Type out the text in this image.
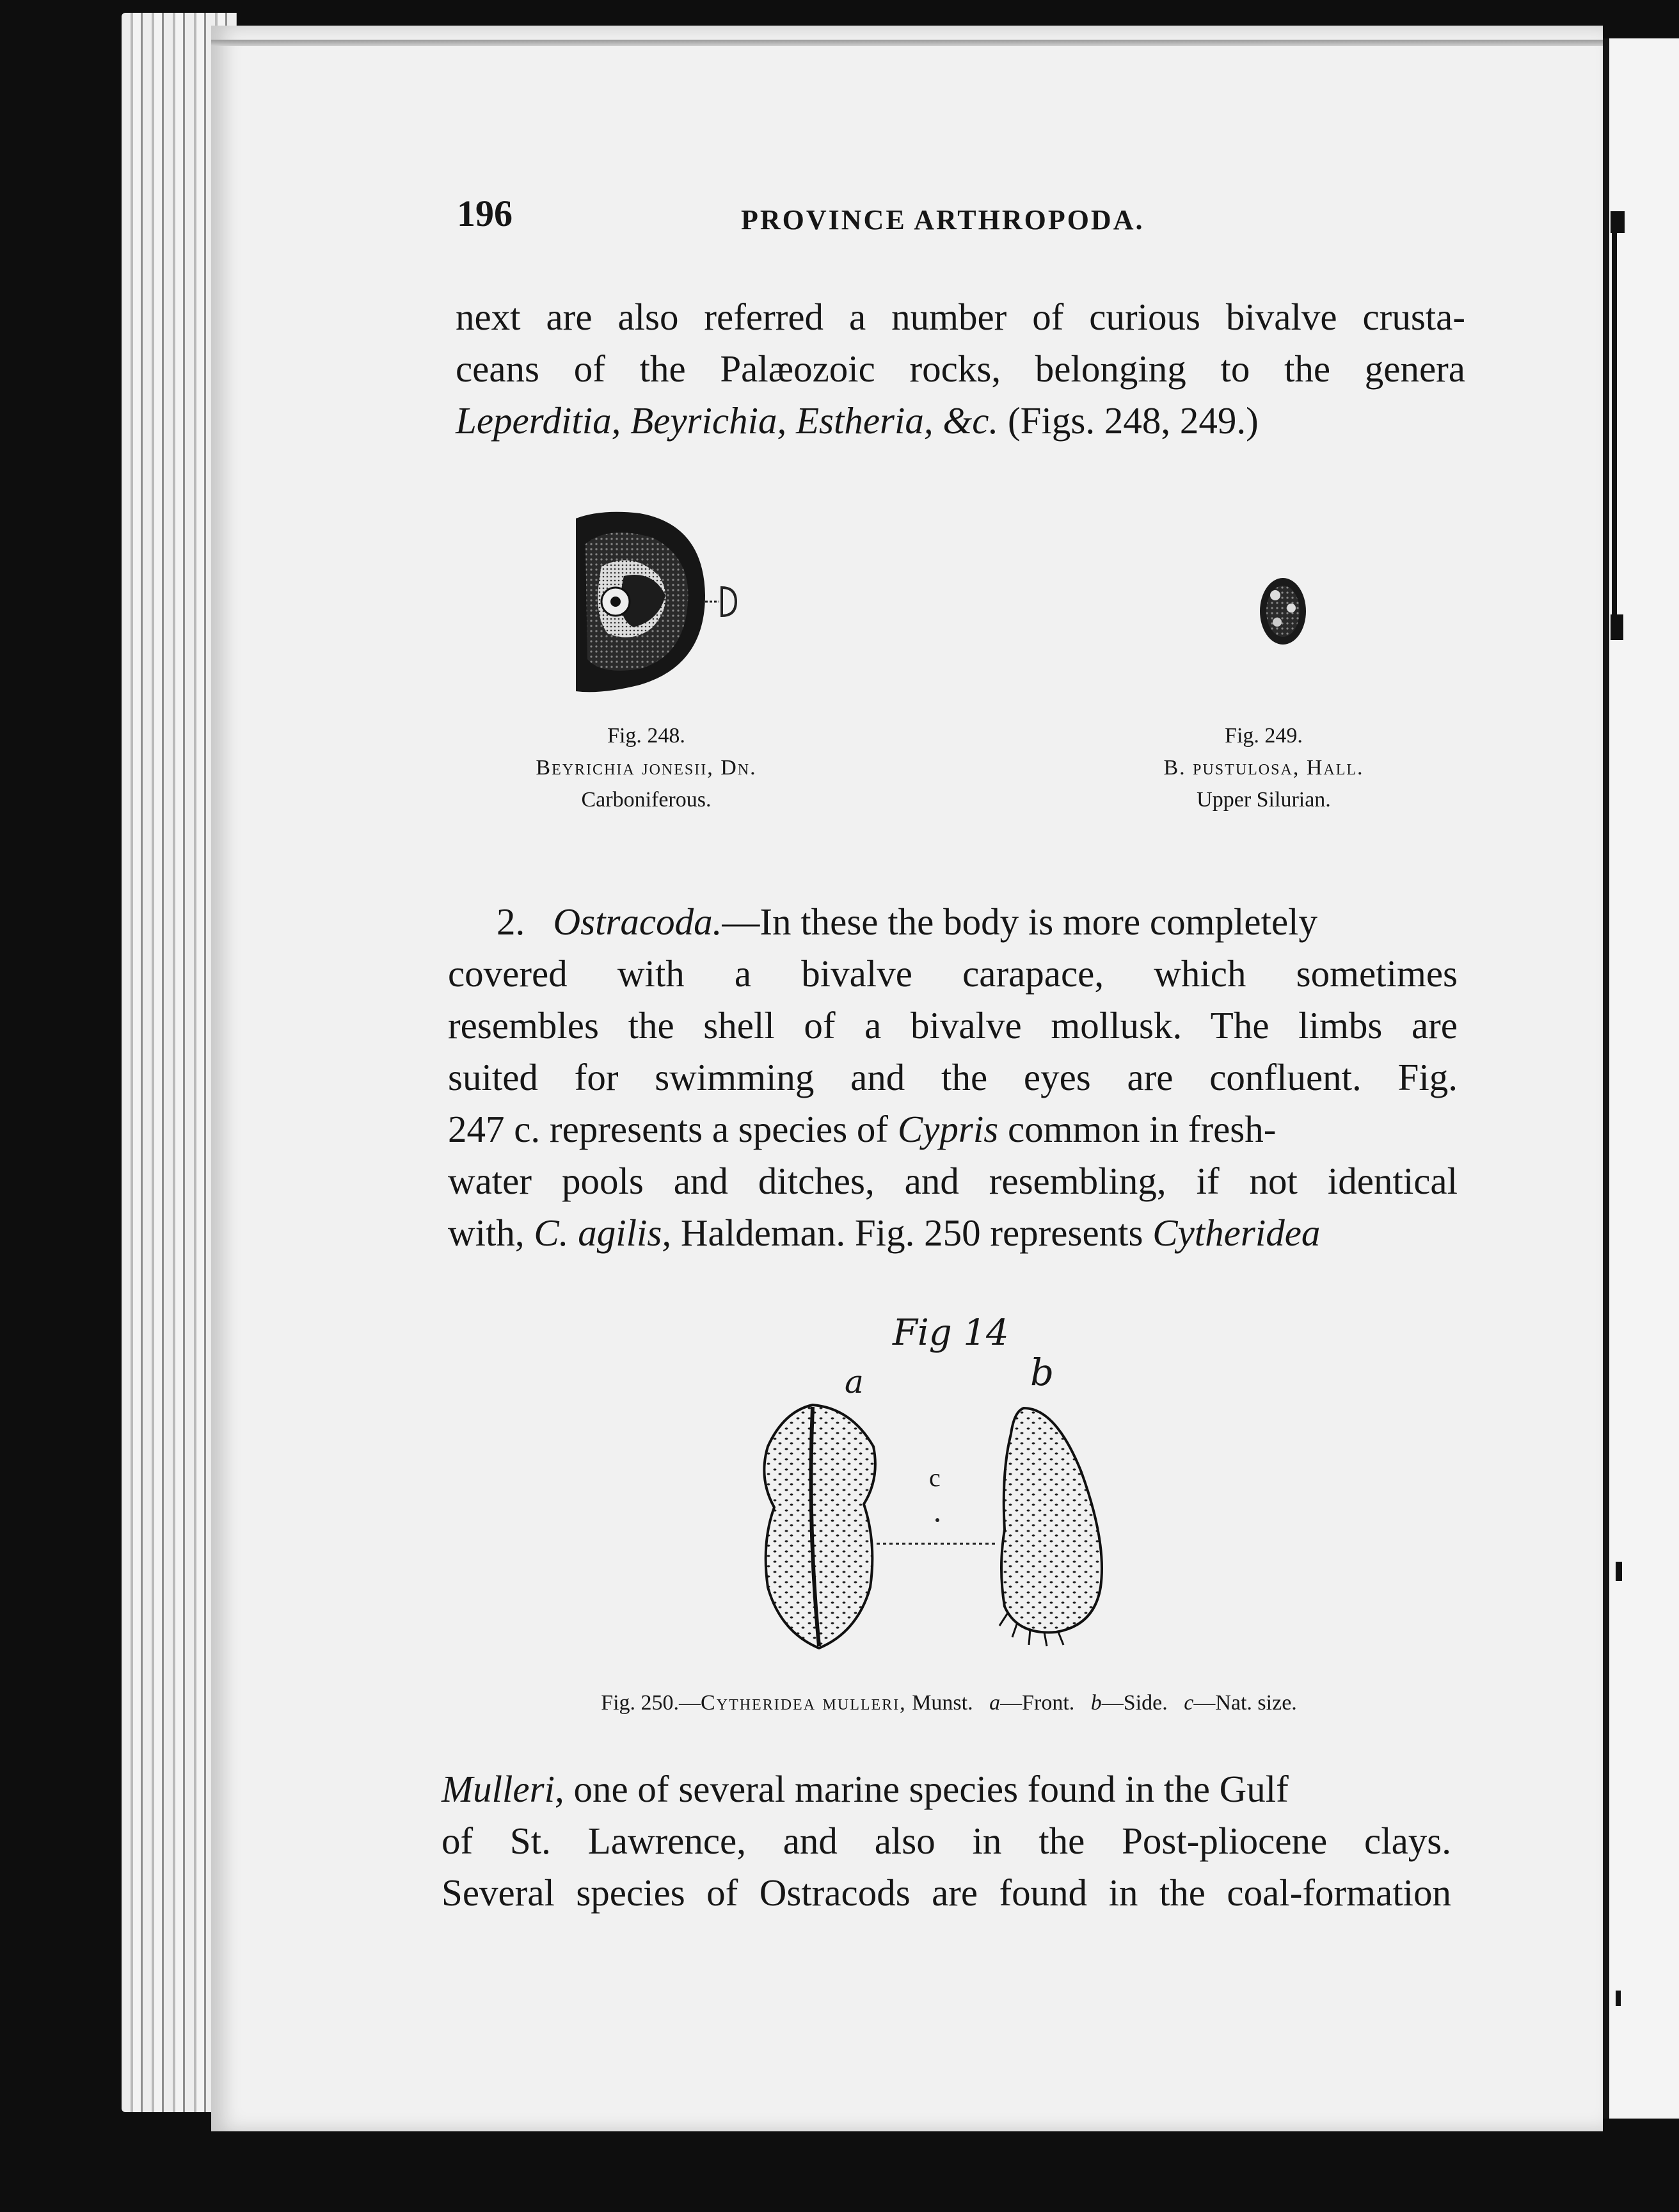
196	PROVINCE ARTHROPODA.
next are also referred a number of curious bivalve crusta-
ceans of the Palæozoic rocks, belonging to the genera
Leperditia, Beyrichia, Estheria, &c. (Figs. 248, 249.)
Fig. 248.
Beyrichia jonesii, Dn.
Carboniferous.
Fig. 249.
B. pustulosa, Hall.
Upper Silurian.
2. Ostracoda.—In these the body is more completely
covered with a bivalve carapace, which sometimes
resembles the shell of a bivalve mollusk. The limbs are
suited for swimming and the eyes are confluent. Fig.
247 c. represents a species of Cypris common in fresh-
water pools and ditches, and resembling, if not identical
with, C. agilis, Haldeman. Fig. 250 represents Cytheridea
Fig 14
a	b
c
Fig. 250.—Cytheridea mulleri, Munst. a—Front. b—Side. c—Nat. size.
Mulleri, one of several marine species found in the Gulf
of St. Lawrence, and also in the Post-pliocene clays.
Several species of Ostracods are found in the coal-formation
